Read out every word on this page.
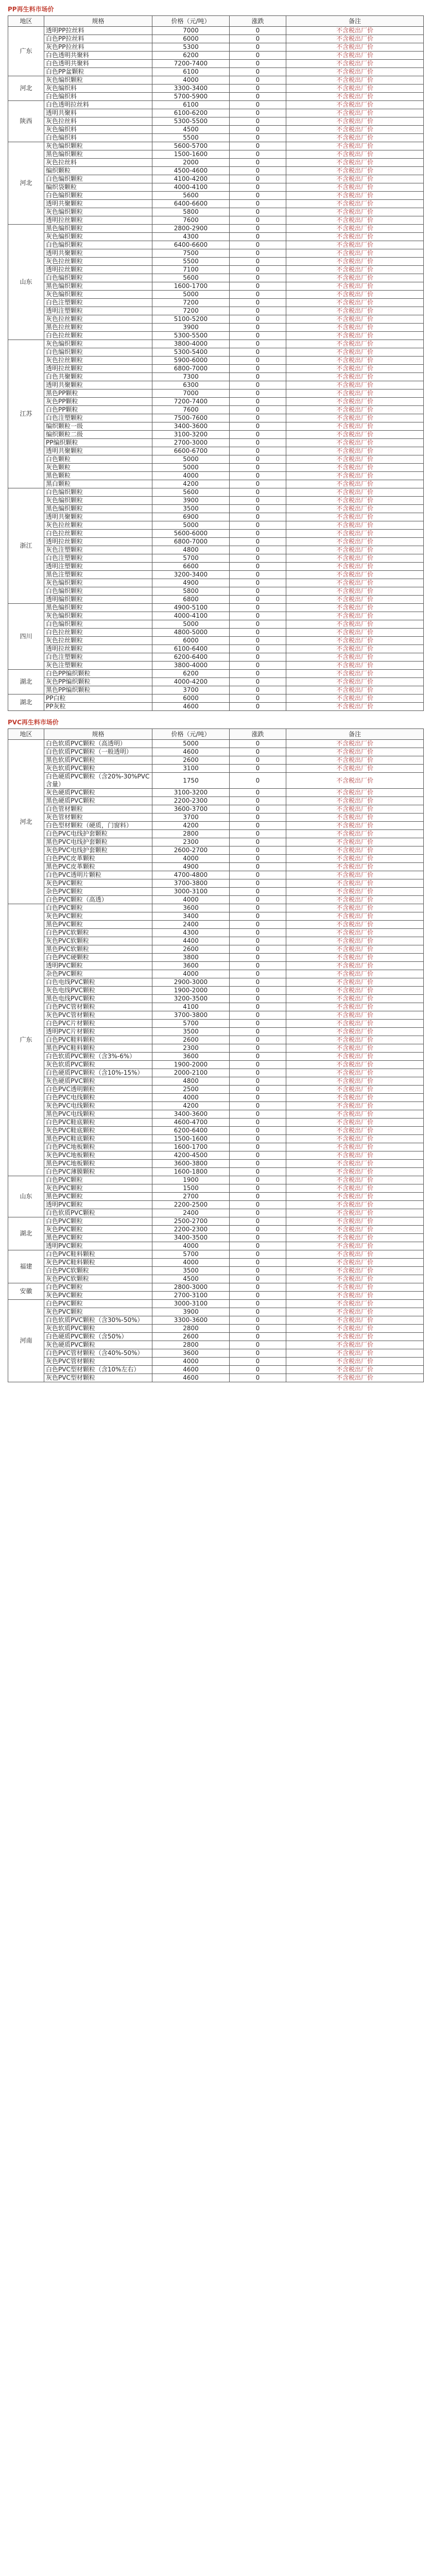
PP再生料市场价
地区	规格	价格（元/吨）	涨跌	备注
广东	透明PP拉丝料	7000	0	不含税出厂价
	白色PP拉丝料	6000	0	不含税出厂价
	灰色PP拉丝料	5300	0	不含税出厂价
	白色透明共聚料	6200	0	不含税出厂价
	白色透明共聚料	7200-7400	0	不含税出厂价
	白色PP盆颗粒	6100	0	不含税出厂价
河北	灰色编织颗粒	4000	0	不含税出厂价
	灰色编织料	3300-3400	0	不含税出厂价
	白色编织料	5700-5900	0	不含税出厂价
陕西	白色透明拉丝料	6100	0	不含税出厂价
	透明共聚料	6100-6200	0	不含税出厂价
	灰色拉丝料	5300-5500	0	不含税出厂价
	灰色编织料	4500	0	不含税出厂价
	白色编织料	5500	0	不含税出厂价
河北	灰色编织颗粒	5600-5700	0	不含税出厂价
	黑色编织颗粒	1500-1600	0	不含税出厂价
	灰色拉丝料	2000	0	不含税出厂价
	编织颗粒	4500-4600	0	不含税出厂价
	白色编织颗粒	4100-4200	0	不含税出厂价
	编织袋颗粒	4000-4100	0	不含税出厂价
	白色编织颗粒	5600	0	不含税出厂价
	透明共聚颗粒	6400-6600	0	不含税出厂价
	灰色编织颗粒	5800	0	不含税出厂价
	透明拉丝颗粒	7600	0	不含税出厂价
山东	黑色编织颗粒	2800-2900	0	不含税出厂价
	灰色编织颗粒	4300	0	不含税出厂价
	白色编织颗粒	6400-6600	0	不含税出厂价
	透明共聚颗粒	7500	0	不含税出厂价
	灰色拉丝颗粒	5500	0	不含税出厂价
	透明拉丝颗粒	7100	0	不含税出厂价
	白色编织颗粒	5600	0	不含税出厂价
	黑色编织颗粒	1600-1700	0	不含税出厂价
	灰色编织颗粒	5000	0	不含税出厂价
	白色注塑颗粒	7200	0	不含税出厂价
	透明注塑颗粒	7200	0	不含税出厂价
	灰色拉丝颗粒	5100-5200	0	不含税出厂价
	黑色拉丝颗粒	3900	0	不含税出厂价
	白色拉丝颗粒	5300-5500	0	不含税出厂价
江苏	灰色编织颗粒	3800-4000	0	不含税出厂价
	白色编织颗粒	5300-5400	0	不含税出厂价
	灰色拉丝颗粒	5900-6000	0	不含税出厂价
	透明拉丝颗粒	6800-7000	0	不含税出厂价
	白色共聚颗粒	7300	0	不含税出厂价
	透明共聚颗粒	6300	0	不含税出厂价
	黑色PP颗粒	7000	0	不含税出厂价
	灰色PP颗粒	7200-7400	0	不含税出厂价
	白色PP颗粒	7600	0	不含税出厂价
	白色注塑颗粒	7500-7600	0	不含税出厂价
	编织颗粒一级	3400-3600	0	不含税出厂价
	编织颗粒二级	3100-3200	0	不含税出厂价
	PP编织颗粒	2700-3000	0	不含税出厂价
	透明共聚颗粒	6600-6700	0	不含税出厂价
	白色颗粒	5000	0	不含税出厂价
	灰色颗粒	5000	0	不含税出厂价
	黑色颗粒	4000	0	不含税出厂价
	黑白颗粒	4200	0	不含税出厂价
浙江	白色编织颗粒	5600	0	不含税出厂价
	灰色编织颗粒	3900	0	不含税出厂价
	黑色编织颗粒	3500	0	不含税出厂价
	透明共聚颗粒	6900	0	不含税出厂价
	灰色拉丝颗粒	5000	0	不含税出厂价
	白色拉丝颗粒	5600-6000	0	不含税出厂价
	透明拉丝颗粒	6800-7000	0	不含税出厂价
	灰色注塑颗粒	4800	0	不含税出厂价
	白色注塑颗粒	5700	0	不含税出厂价
	透明注塑颗粒	6600	0	不含税出厂价
	黑色注塑颗粒	3200-3400	0	不含税出厂价
	灰色编织颗粒	4900	0	不含税出厂价
	白色编织颗粒	5800	0	不含税出厂价
	透明编织颗粒	6800	0	不含税出厂价
四川	黑色编织颗粒	4900-5100	0	不含税出厂价
	灰色编织颗粒	4000-4100	0	不含税出厂价
	白色编织颗粒	5000	0	不含税出厂价
	白色拉丝颗粒	4800-5000	0	不含税出厂价
	灰色拉丝颗粒	6000	0	不含税出厂价
	透明拉丝颗粒	6100-6400	0	不含税出厂价
	白色注塑颗粒	6200-6400	0	不含税出厂价
	灰色注塑颗粒	3800-4000	0	不含税出厂价
湖北	白色PP编织颗粒	6200	0	不含税出厂价
	灰色PP编织颗粒	4000-4200	0	不含税出厂价
	黑色PP编织颗粒	3700	0	不含税出厂价
湖北	PP白粒	6000	0	不含税出厂价
	PP灰粒	4600	0	不含税出厂价
PVC再生料市场价
地区	规格	价格（元/吨）	涨跌	备注
河北	白色软质PVC颗粒（高透明）	5000	0	不含税出厂价
	白色软质PVC颗粒（一般透明）	4600	0	不含税出厂价
	黑色软质PVC颗粒	2600	0	不含税出厂价
	灰色软质PVC颗粒	3100	0	不含税出厂价
	白色硬质PVC颗粒（含20%-30%PVC含量）	1750	0	不含税出厂价
	灰色硬质PVC颗粒	3100-3200	0	不含税出厂价
	黑色硬质PVC颗粒	2200-2300	0	不含税出厂价
	白色管材颗粒	3600-3700	0	不含税出厂价
	灰色管材颗粒	3700	0	不含税出厂价
	白色型材颗粒（硬质，门窗料）	4200	0	不含税出厂价
	白色PVC电线护套颗粒	2800	0	不含税出厂价
	黑色PVC电线护套颗粒	2300	0	不含税出厂价
	灰色PVC电线护套颗粒	2600-2700	0	不含税出厂价
	白色PVC皮革颗粒	4000	0	不含税出厂价
	黑色PVC皮革颗粒	4900	0	不含税出厂价
	白色PVC透明片颗粒	4700-4800	0	不含税出厂价
	灰色PVC颗粒	3700-3800	0	不含税出厂价
	杂色PVC颗粒	3000-3100	0	不含税出厂价
	白色PVC颗粒（高透）	4000	0	不含税出厂价
广东	白色PVC颗粒	3600	0	不含税出厂价
	灰色PVC颗粒	3400	0	不含税出厂价
	黑色PVC颗粒	2400	0	不含税出厂价
	白色PVC软颗粒	4300	0	不含税出厂价
	灰色PVC软颗粒	4400	0	不含税出厂价
	黑色PVC软颗粒	2600	0	不含税出厂价
	白色PVC硬颗粒	3800	0	不含税出厂价
	透明PVC颗粒	3600	0	不含税出厂价
	杂色PVC颗粒	4000	0	不含税出厂价
	白色电线PVC颗粒	2900-3000	0	不含税出厂价
	灰色电线PVC颗粒	1900-2000	0	不含税出厂价
	黑色电线PVC颗粒	3200-3500	0	不含税出厂价
	白色PVC管材颗粒	4100	0	不含税出厂价
	灰色PVC管材颗粒	3700-3800	0	不含税出厂价
	白色PVC片材颗粒	5700	0	不含税出厂价
	透明PVC片材颗粒	3500	0	不含税出厂价
	白色PVC鞋料颗粒	2600	0	不含税出厂价
	黑色PVC鞋料颗粒	2300	0	不含税出厂价
	白色软质PVC颗粒（含3%-6%）	3600	0	不含税出厂价
	灰色软质PVC颗粒	1900-2000	0	不含税出厂价
	白色硬质PVC颗粒（含10%-15%）	2000-2100	0	不含税出厂价
	灰色硬质PVC颗粒	4800	0	不含税出厂价
	白色PVC透明颗粒	2500	0	不含税出厂价
	白色PVC电线颗粒	4000	0	不含税出厂价
	灰色PVC电线颗粒	4200	0	不含税出厂价
	黑色PVC电线颗粒	3400-3600	0	不含税出厂价
	白色PVC鞋底颗粒	4600-4700	0	不含税出厂价
	灰色PVC鞋底颗粒	6200-6400	0	不含税出厂价
	黑色PVC鞋底颗粒	1500-1600	0	不含税出厂价
	白色PVC地板颗粒	1600-1700	0	不含税出厂价
	灰色PVC地板颗粒	4200-4500	0	不含税出厂价
	黑色PVC地板颗粒	3600-3800	0	不含税出厂价
	白色PVC薄膜颗粒	1600-1800	0	不含税出厂价
山东	白色PVC颗粒	1900	0	不含税出厂价
	灰色PVC颗粒	1500	0	不含税出厂价
	黑色PVC颗粒	2700	0	不含税出厂价
	透明PVC颗粒	2200-2500	0	不含税出厂价
	白色软质PVC颗粒	2400	0	不含税出厂价
湖北	白色PVC颗粒	2500-2700	0	不含税出厂价
	灰色PVC颗粒	2200-2300	0	不含税出厂价
	黑色PVC颗粒	3400-3500	0	不含税出厂价
	透明PVC颗粒	4000	0	不含税出厂价
福建	白色PVC鞋料颗粒	5700	0	不含税出厂价
	灰色PVC鞋料颗粒	4000	0	不含税出厂价
	白色PVC软颗粒	3500	0	不含税出厂价
	灰色PVC软颗粒	4500	0	不含税出厂价
安徽	白色PVC颗粒	2800-3000	0	不含税出厂价
	灰色PVC颗粒	2700-3100	0	不含税出厂价
河南	白色PVC颗粒	3000-3100	0	不含税出厂价
	灰色PVC颗粒	3900	0	不含税出厂价
	白色软质PVC颗粒（含30%-50%）	3300-3600	0	不含税出厂价
	灰色软质PVC颗粒	2800	0	不含税出厂价
	白色硬质PVC颗粒（含50%）	2600	0	不含税出厂价
	灰色硬质PVC颗粒	2800	0	不含税出厂价
	白色PVC管材颗粒（含40%-50%）	3600	0	不含税出厂价
	灰色PVC管材颗粒	4000	0	不含税出厂价
	白色PVC型材颗粒（含10%左右）	4600	0	不含税出厂价
	灰色PVC型材颗粒	4600	0	不含税出厂价
